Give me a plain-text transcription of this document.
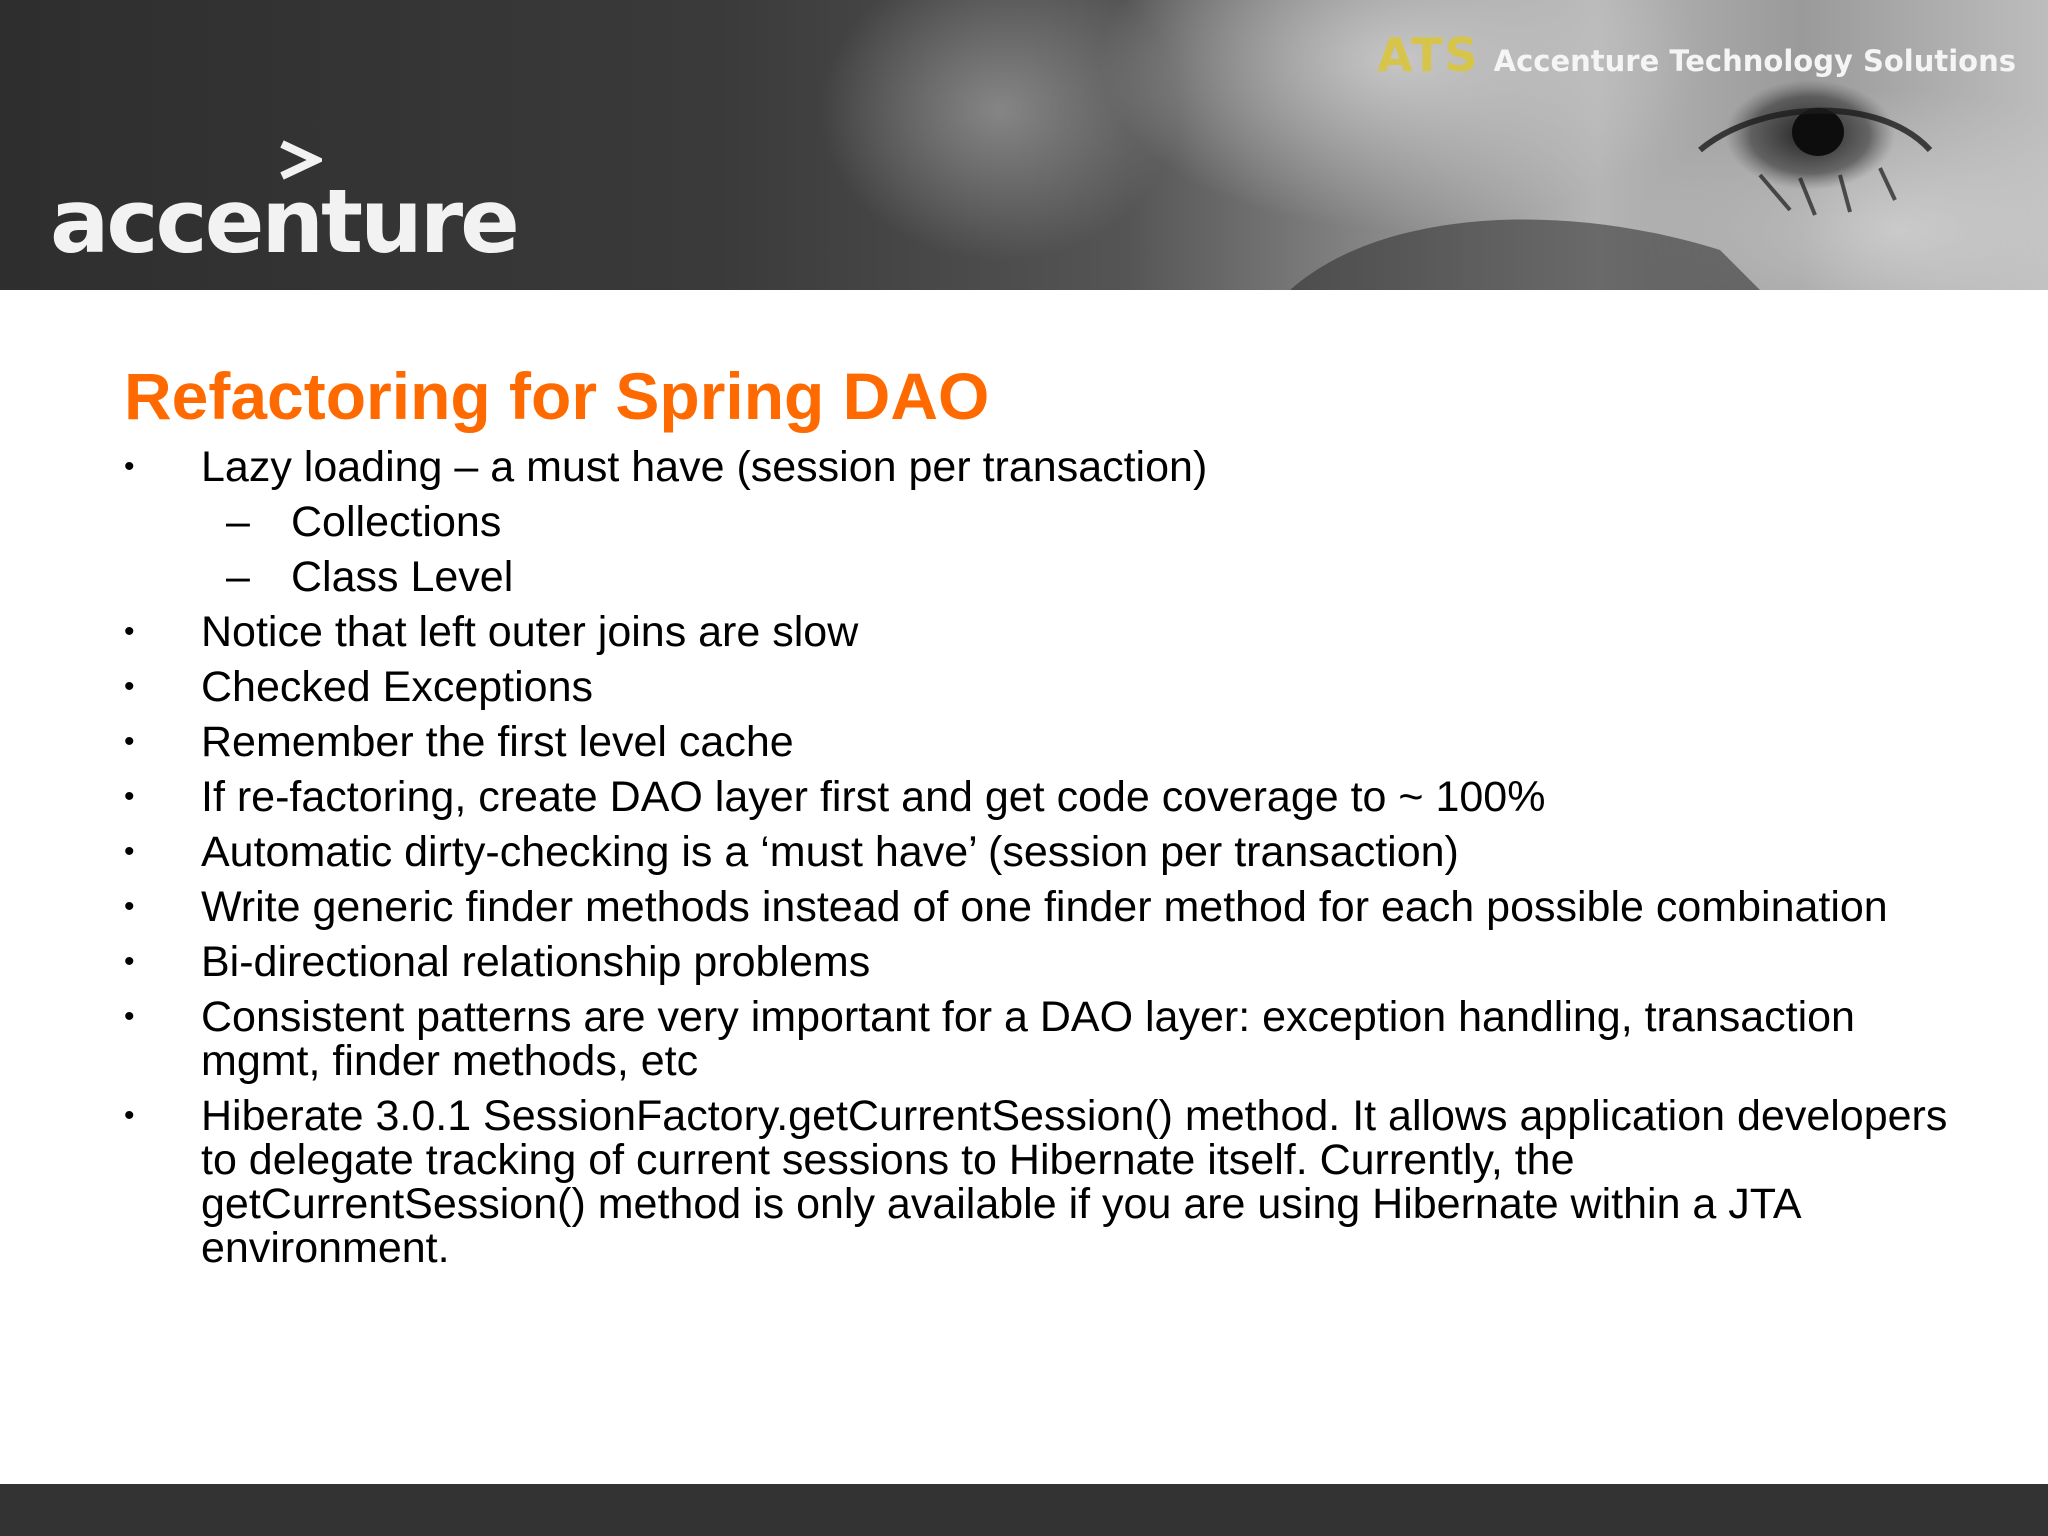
accenture
ATS Accenture Technology Solutions
Refactoring for Spring DAO
•	Lazy loading – a must have (session per transaction)
– Collections
– Class Level
•	Notice that left outer joins are slow
•	Checked Exceptions
•	Remember the first level cache
•	If re-factoring, create DAO layer first and get code coverage to ~ 100%
•	Automatic dirty-checking is a ‘must have’ (session per transaction)
•	Write generic finder methods instead of one finder method for each possible combination
•	Bi-directional relationship problems
•	Consistent patterns are very important for a DAO layer: exception handling, transaction mgmt, finder methods, etc
•	Hiberate 3.0.1 SessionFactory.getCurrentSession() method. It allows application developers to delegate tracking of current sessions to Hibernate itself. Currently, the getCurrentSession() method is only available if you are using Hibernate within a JTA environment.
